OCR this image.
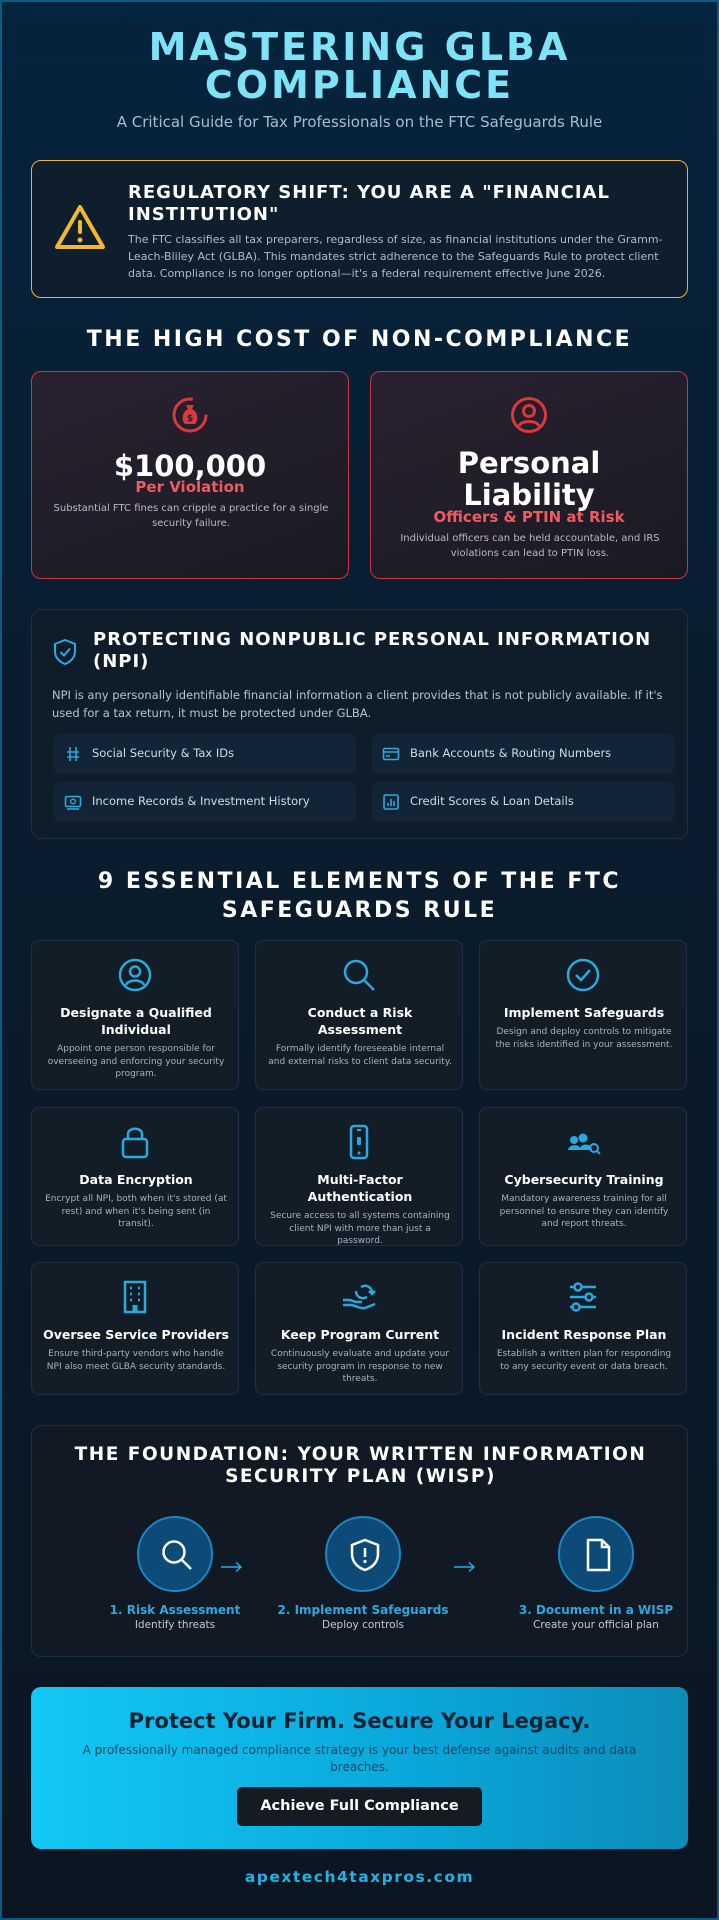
MASTERING GLBA
COMPLIANCE
A Critical Guide for Tax Professionals on the FTC Safeguards Rule
REGULATORY SHIFT: YOU ARE A "FINANCIAL INSTITUTION"
The FTC classifies all tax preparers, regardless of size, as financial institutions under the Gramm-Leach-Bliley Act (GLBA). This mandates strict adherence to the Safeguards Rule to protect client data. Compliance is no longer optional—it's a federal requirement effective June 2026.
THE HIGH COST OF NON-COMPLIANCE
$
$100,000
Per Violation
Substantial FTC fines can cripple a practice for a single security failure.
Personal
Liability
Officers & PTIN at Risk
Individual officers can be held accountable, and IRS violations can lead to PTIN loss.
PROTECTING NONPUBLIC PERSONAL INFORMATION (NPI)
NPI is any personally identifiable financial information a client provides that is not publicly available. If it's used for a tax return, it must be protected under GLBA.
Social Security & Tax IDs	Bank Accounts & Routing Numbers
Income Records & Investment History	Credit Scores & Loan Details
9 ESSENTIAL ELEMENTS OF THE FTC
SAFEGUARDS RULE
Designate a Qualified Individual
Appoint one person responsible for overseeing and enforcing your security program.
Conduct a Risk Assessment
Formally identify foreseeable internal and external risks to client data security.
Implement Safeguards
Design and deploy controls to mitigate the risks identified in your assessment.
Data Encryption
Encrypt all NPI, both when it's stored (at rest) and when it's being sent (in transit).
Multi-Factor Authentication
Secure access to all systems containing client NPI with more than just a password.
Cybersecurity Training
Mandatory awareness training for all personnel to ensure they can identify and report threats.
Oversee Service Providers
Ensure third-party vendors who handle NPI also meet GLBA security standards.
Keep Program Current
Continuously evaluate and update your security program in response to new threats.
Incident Response Plan
Establish a written plan for responding to any security event or data breach.
THE FOUNDATION: YOUR WRITTEN INFORMATION
SECURITY PLAN (WISP)
1. Risk Assessment
Identify threats
2. Implement Safeguards
Deploy controls
3. Document in a WISP
Create your official plan
Protect Your Firm. Secure Your Legacy.
A professionally managed compliance strategy is your best defense against audits and data breaches.
Achieve Full Compliance
apextech4taxpros.com
